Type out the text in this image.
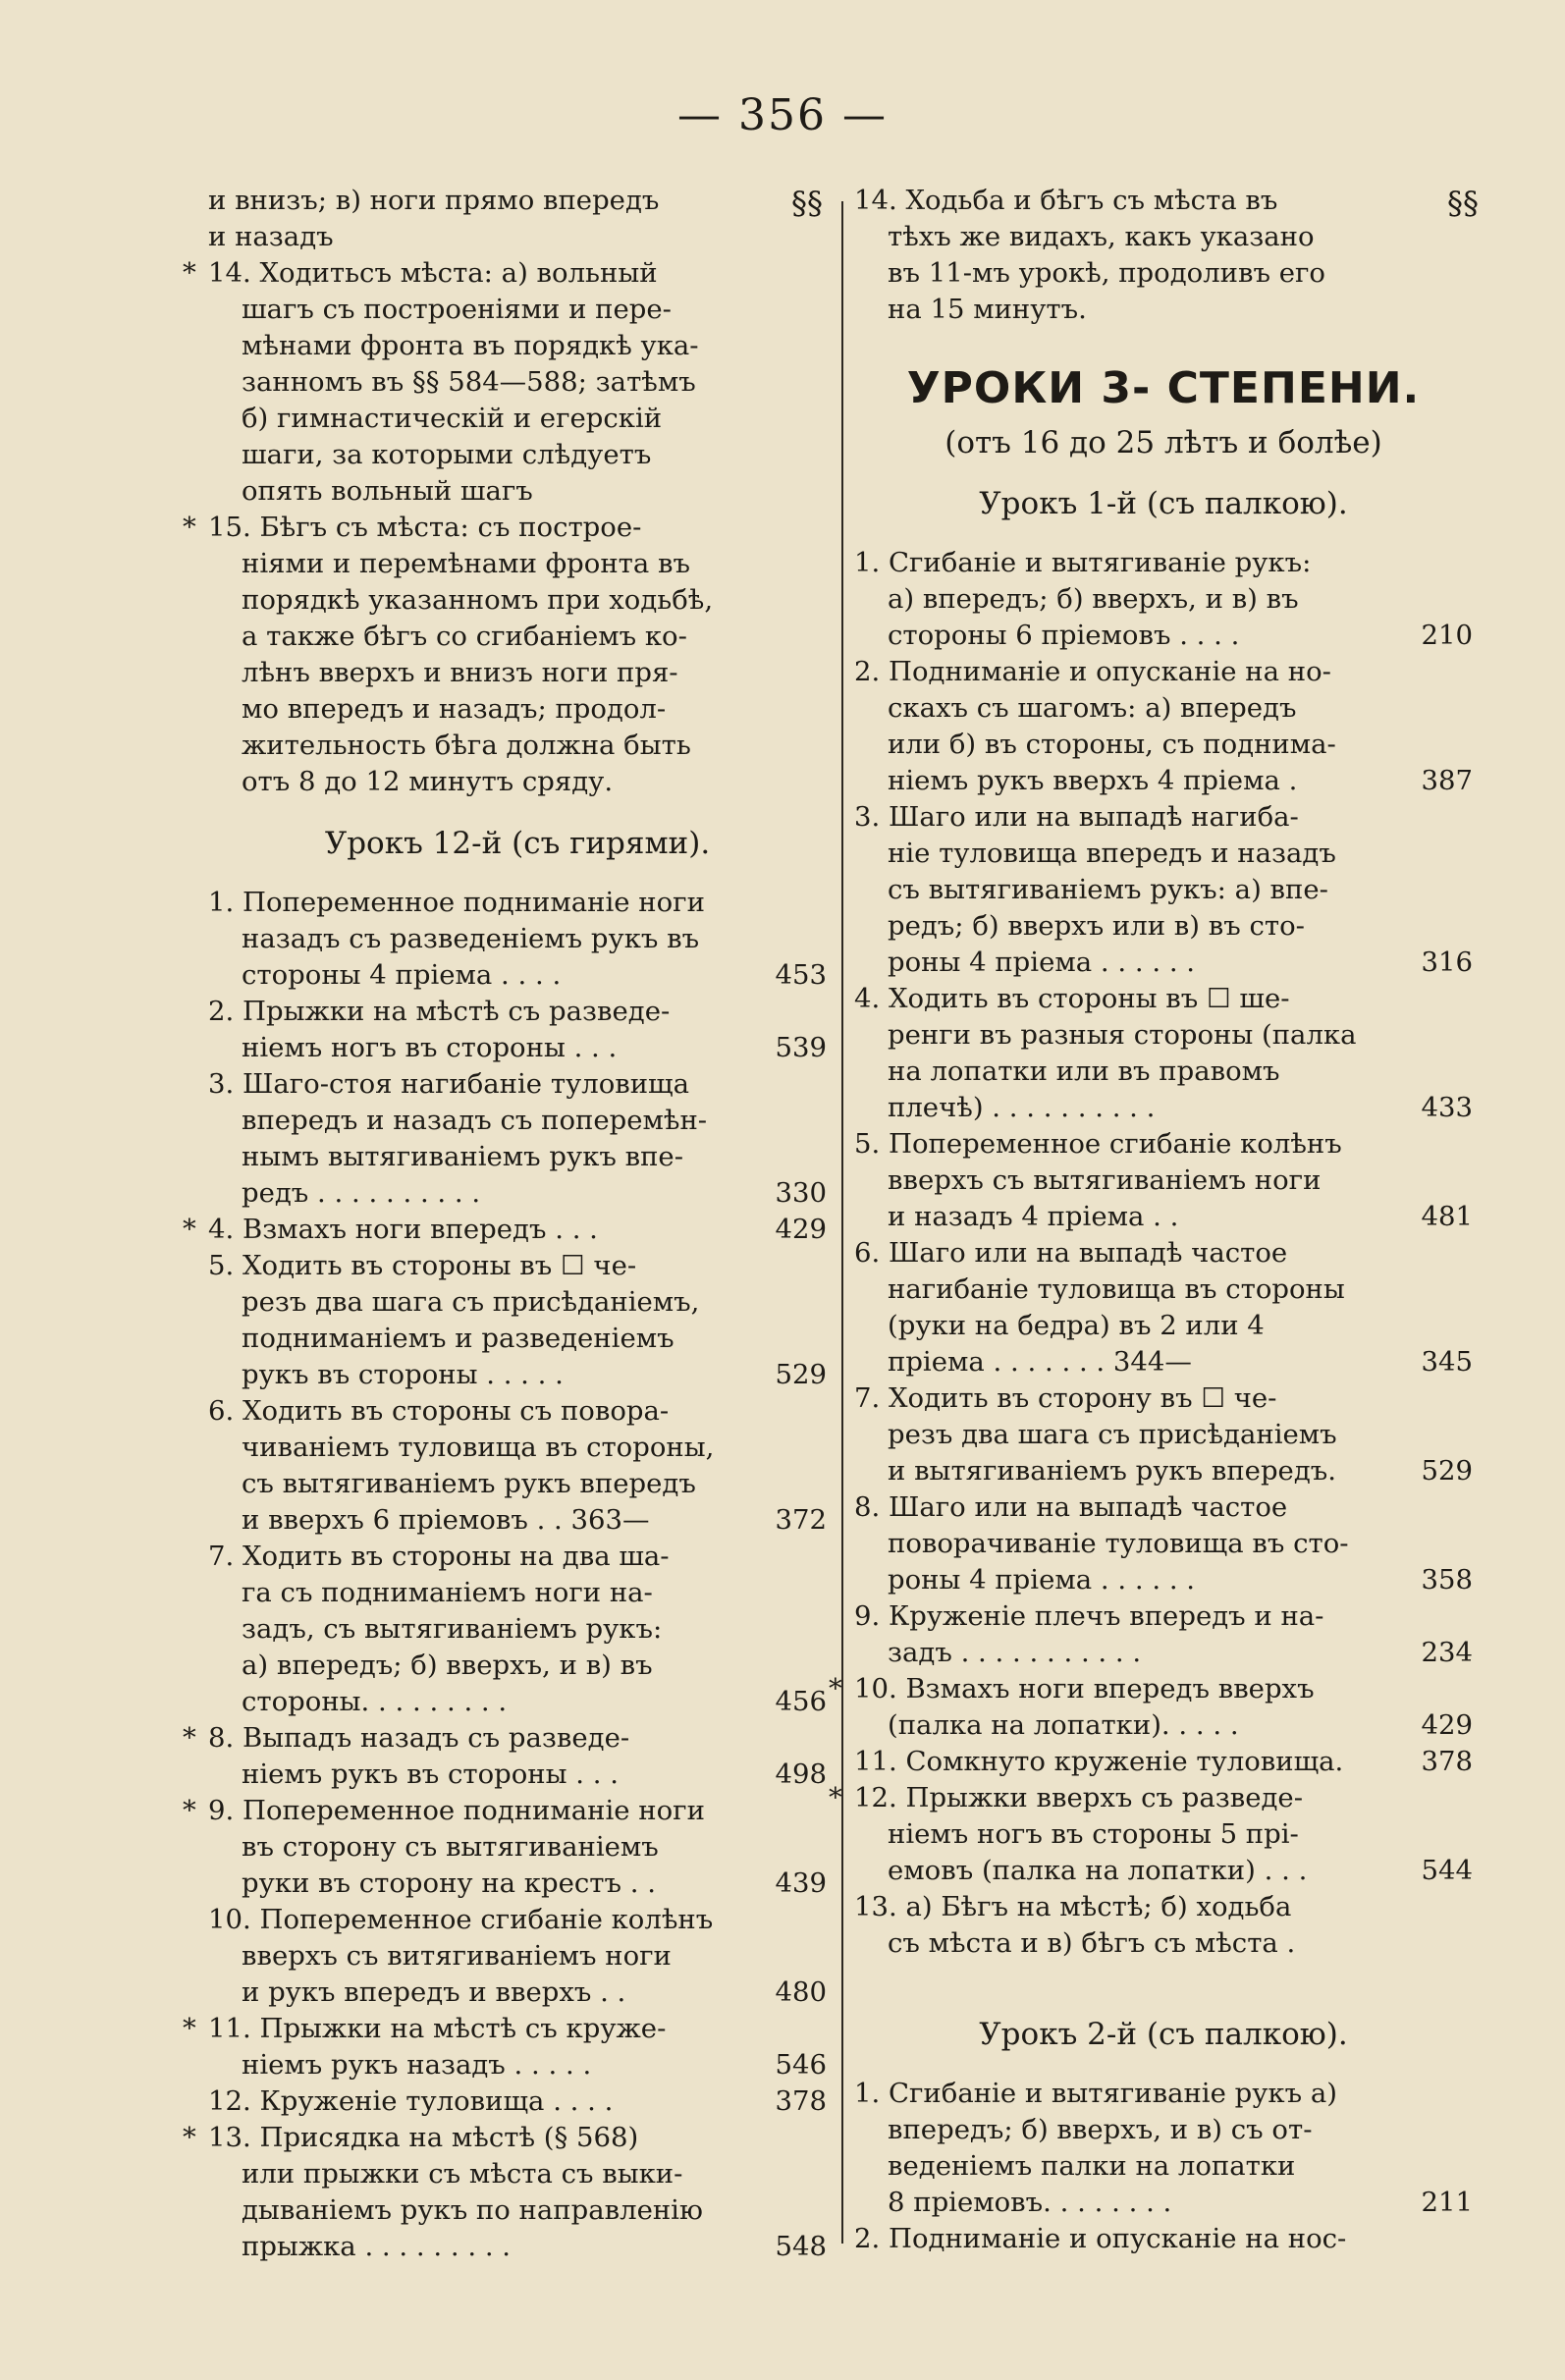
— 356 —
§§	§§
и внизъ; в) ноги прямо впередъ
и назадъ
* 14. Ходитьсъ мѣста: а) вольный
шагъ съ построеніями и пере-
мѣнами фронта въ порядкѣ ука-
занномъ въ §§ 584—588; затѣмъ
б) гимнастическій и егерскій
шаги, за которыми слѣдуетъ
опять вольный шагъ
* 15. Бѣгъ съ мѣста: съ построе-
ніями и перемѣнами фронта въ
порядкѣ указанномъ при ходьбѣ,
а также бѣгъ со сгибаніемъ ко-
лѣнъ вверхъ и внизъ ноги пря-
мо впередъ и назадъ; продол-
жительность бѣга должна быть
отъ 8 до 12 минутъ сряду.
Урокъ 12-й (съ гирями).
1. Попеременное подниманіе ноги
назадъ съ разведеніемъ рукъ въ
стороны 4 пріема . . . .	453
2. Прыжки на мѣстѣ съ разведе-
ніемъ ногъ въ стороны . . .	539
3. Шаго-стоя нагибаніе туловища
впередъ и назадъ съ поперемѣн-
нымъ вытягиваніемъ рукъ впе-
редъ . . . . . . . . . .	330
* 4. Взмахъ ноги впередъ . . .	429
5. Ходить въ стороны въ ☐ че-
резъ два шага съ присѣданіемъ,
подниманіемъ и разведеніемъ
рукъ въ стороны . . . . .	529
6. Ходить въ стороны съ повора-
чиваніемъ туловища въ стороны,
съ вытягиваніемъ рукъ впередъ
и вверхъ 6 пріемовъ . . 363—	372
7. Ходить въ стороны на два ша-
га съ подниманіемъ ноги на-
задъ, съ вытягиваніемъ рукъ:
а) впередъ; б) вверхъ, и в) въ
стороны. . . . . . . . .	456
* 8. Выпадъ назадъ съ разведе-
ніемъ рукъ въ стороны . . .	498
* 9. Попеременное подниманіе ноги
въ сторону съ вытягиваніемъ
руки въ сторону на крестъ . .	439
10. Попеременное сгибаніе колѣнъ
вверхъ съ витягиваніемъ ноги
и рукъ впередъ и вверхъ . .	480
* 11. Прыжки на мѣстѣ съ круже-
ніемъ рукъ назадъ . . . . .	546
12. Круженіе туловища . . . .	378
* 13. Присядка на мѣстѣ (§ 568)
или прыжки съ мѣста съ выки-
дываніемъ рукъ по направленію
прыжка . . . . . . . . .	548
14. Ходьба и бѣгъ съ мѣста въ
тѣхъ же видахъ, какъ указано
въ 11-мъ урокѣ, продоливъ его
на 15 минутъ.
УРОКИ 3- СТЕПЕНИ.
(отъ 16 до 25 лѣтъ и болѣе)
Урокъ 1-й (съ палкою).
1. Сгибаніе и вытягиваніе рукъ:
а) впередъ; б) вверхъ, и в) въ
стороны 6 пріемовъ . . . .	210
2. Подниманіе и опусканіе на но-
скахъ съ шагомъ: а) впередъ
или б) въ стороны, съ поднима-
ніемъ рукъ вверхъ 4 пріема .	387
3. Шаго или на выпадѣ нагиба-
ніе туловища впередъ и назадъ
съ вытягиваніемъ рукъ: а) впе-
редъ; б) вверхъ или в) въ сто-
роны 4 пріема . . . . . .	316
4. Ходить въ стороны въ ☐ ше-
ренги въ разныя стороны (палка
на лопатки или въ правомъ
плечѣ) . . . . . . . . . .	433
5. Попеременное сгибаніе колѣнъ
вверхъ съ вытягиваніемъ ноги
и назадъ 4 пріема . .	481
6. Шаго или на выпадѣ частое
нагибаніе туловища въ стороны
(руки на бедра) въ 2 или 4
пріема . . . . . . . 344—	345
7. Ходить въ сторону въ ☐ че-
резъ два шага съ присѣданіемъ
и вытягиваніемъ рукъ впередъ.	529
8. Шаго или на выпадѣ частое
поворачиваніе туловища въ сто-
роны 4 пріема . . . . . .	358
9. Круженіе плечъ впередъ и на-
задъ . . . . . . . . . . .	234
* 10. Взмахъ ноги впередъ вверхъ
(палка на лопатки). . . . .	429
11. Сомкнуто круженіе туловища.	378
* 12. Прыжки вверхъ съ разведе-
ніемъ ногъ въ стороны 5 прі-
емовъ (палка на лопатки) . . .	544
13. а) Бѣгъ на мѣстѣ; б) ходьба
съ мѣста и в) бѣгъ съ мѣста .
Урокъ 2-й (съ палкою).
1. Сгибаніе и вытягиваніе рукъ а)
впередъ; б) вверхъ, и в) съ от-
веденіемъ палки на лопатки
8 пріемовъ. . . . . . . .	211
2. Подниманіе и опусканіе на нос-
